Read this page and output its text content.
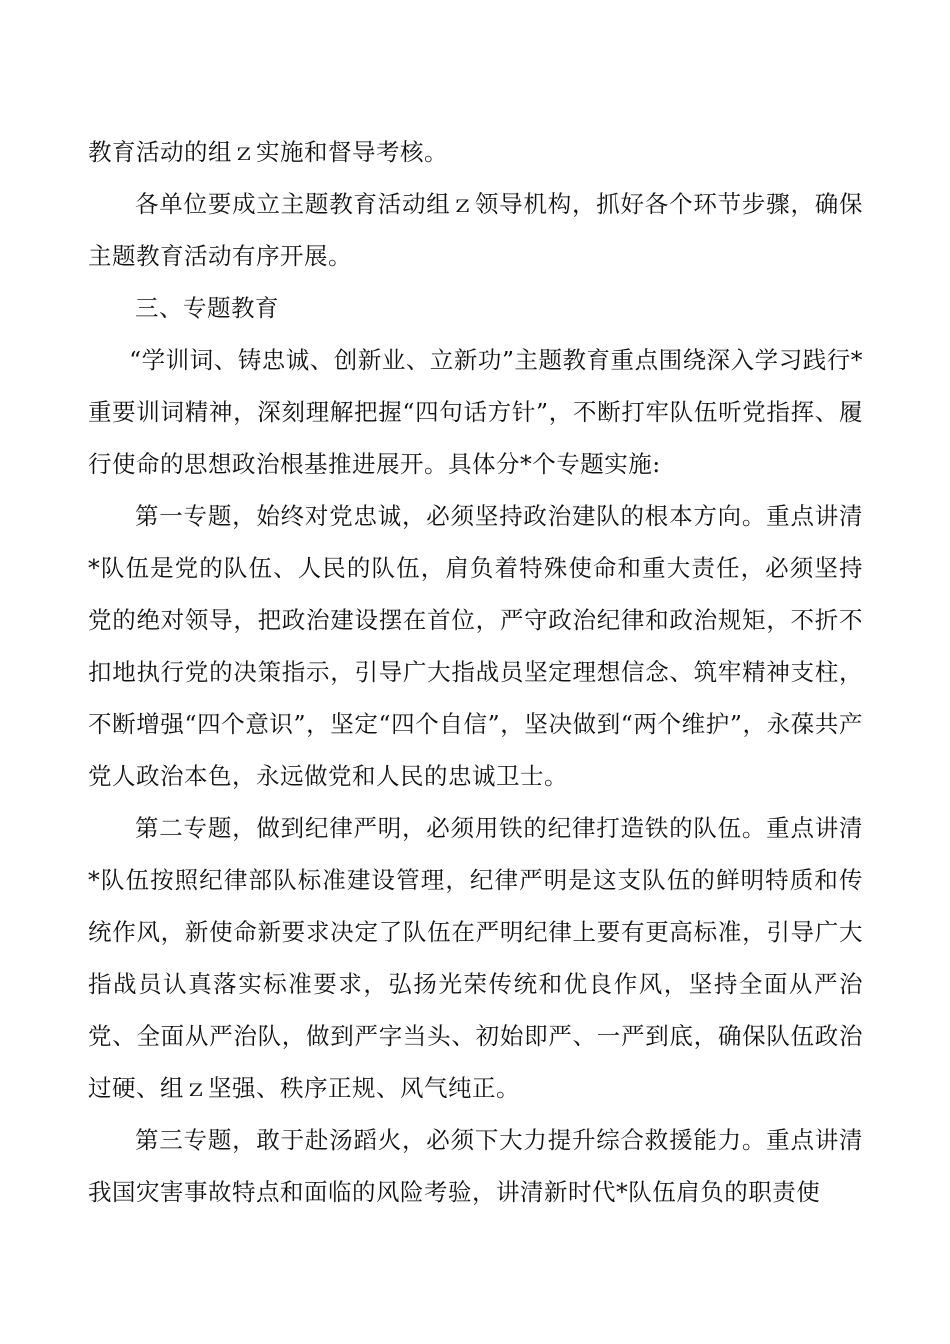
教育活动的组ｚ实施和督导考核。

各单位要成立主题教育活动组ｚ领导机构，抓好各个环节步骤，确保主题教育活动有序开展。

三、专题教育

“学训词、铸忠诚、创新业、立新功”主题教育重点围绕深入学习践行*重要训词精神，深刻理解把握“四句话方针”，不断打牢队伍听党指挥、履行使命的思想政治根基推进展开。具体分*个专题实施:

第一专题，始终对党忠诚，必须坚持政治建队的根本方向。重点讲清*队伍是党的队伍、人民的队伍，肩负着特殊使命和重大责任，必须坚持党的绝对领导，把政治建设摆在首位，严守政治纪律和政治规矩，不折不扣地执行党的决策指示，引导广大指战员坚定理想信念、筑牢精神支柱，不断增强“四个意识”，坚定“四个自信”，坚决做到“两个维护”，永葆共产党人政治本色，永远做党和人民的忠诚卫士。

第二专题，做到纪律严明，必须用铁的纪律打造铁的队伍。重点讲清*队伍按照纪律部队标准建设管理，纪律严明是这支队伍的鲜明特质和传统作风，新使命新要求决定了队伍在严明纪律上要有更高标准，引导广大指战员认真落实标准要求，弘扬光荣传统和优良作风，坚持全面从严治党、全面从严治队，做到严字当头、初始即严、一严到底，确保队伍政治过硬、组ｚ坚强、秩序正规、风气纯正。

第三专题，敢于赴汤蹈火，必须下大力提升综合救援能力。重点讲清我国灾害事故特点和面临的风险考验，讲清新时代*队伍肩负的职责使
